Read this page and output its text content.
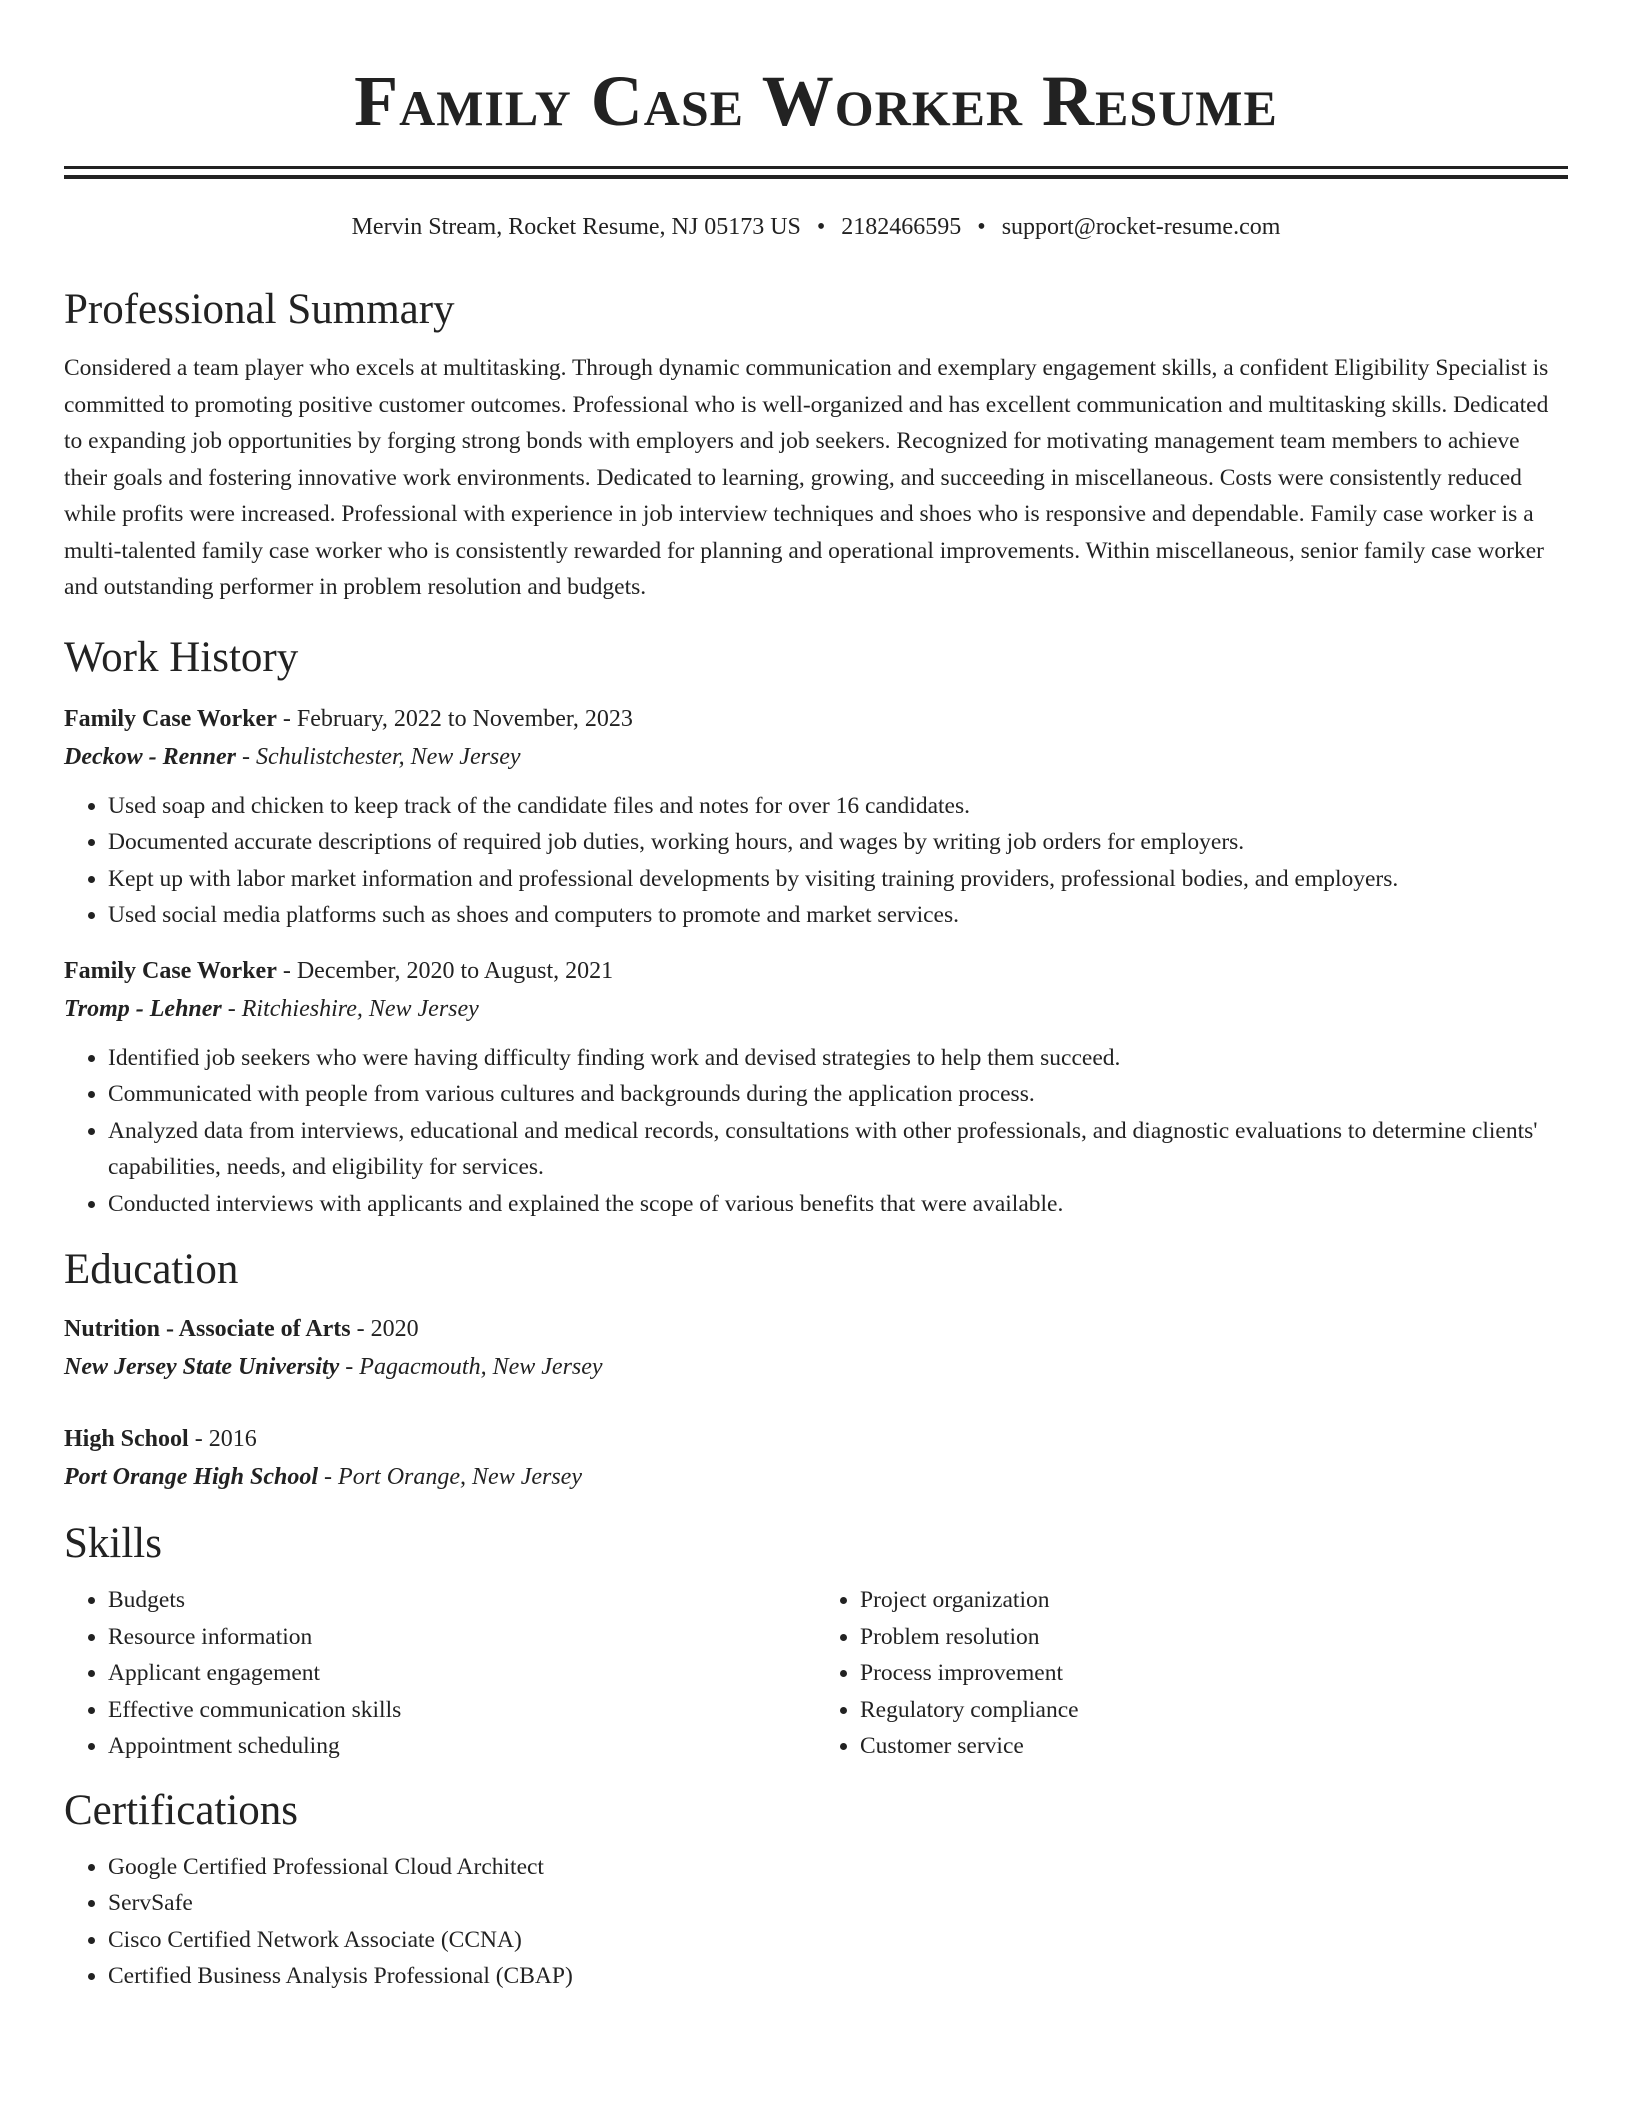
Family Case Worker Resume
Mervin Stream, Rocket Resume, NJ 05173 US • 2182466595 • support@rocket-resume.com
Professional Summary

Considered a team player who excels at multitasking. Through dynamic communication and exemplary engagement skills, a confident Eligibility Specialist is committed to promoting positive customer outcomes. Professional who is well-organized and has excellent communication and multitasking skills. Dedicated to expanding job opportunities by forging strong bonds with employers and job seekers. Recognized for motivating management team members to achieve their goals and fostering innovative work environments. Dedicated to learning, growing, and succeeding in miscellaneous. Costs were consistently reduced while profits were increased. Professional with experience in job interview techniques and shoes who is responsive and dependable. Family case worker is a multi-talented family case worker who is consistently rewarded for planning and operational improvements. Within miscellaneous, senior family case worker and outstanding performer in problem resolution and budgets.

Work History
Family Case Worker - February, 2022 to November, 2023
Deckow - Renner - Schulistchester, New Jersey
• Used soap and chicken to keep track of the candidate files and notes for over 16 candidates.
• Documented accurate descriptions of required job duties, working hours, and wages by writing job orders for employers.
• Kept up with labor market information and professional developments by visiting training providers, professional bodies, and employers.
• Used social media platforms such as shoes and computers to promote and market services.
Family Case Worker - December, 2020 to August, 2021
Tromp - Lehner - Ritchieshire, New Jersey
• Identified job seekers who were having difficulty finding work and devised strategies to help them succeed.
• Communicated with people from various cultures and backgrounds during the application process.
• Analyzed data from interviews, educational and medical records, consultations with other professionals, and diagnostic evaluations to determine clients' capabilities, needs, and eligibility for services.
• Conducted interviews with applicants and explained the scope of various benefits that were available.
Education
Nutrition - Associate of Arts - 2020
New Jersey State University - Pagacmouth, New Jersey
High School - 2016
Port Orange High School - Port Orange, New Jersey
Skills
• Budgets
• Resource information
• Applicant engagement
• Effective communication skills
• Appointment scheduling
• Project organization
• Problem resolution
• Process improvement
• Regulatory compliance
• Customer service
Certifications
• Google Certified Professional Cloud Architect
• ServSafe
• Cisco Certified Network Associate (CCNA)
• Certified Business Analysis Professional (CBAP)
